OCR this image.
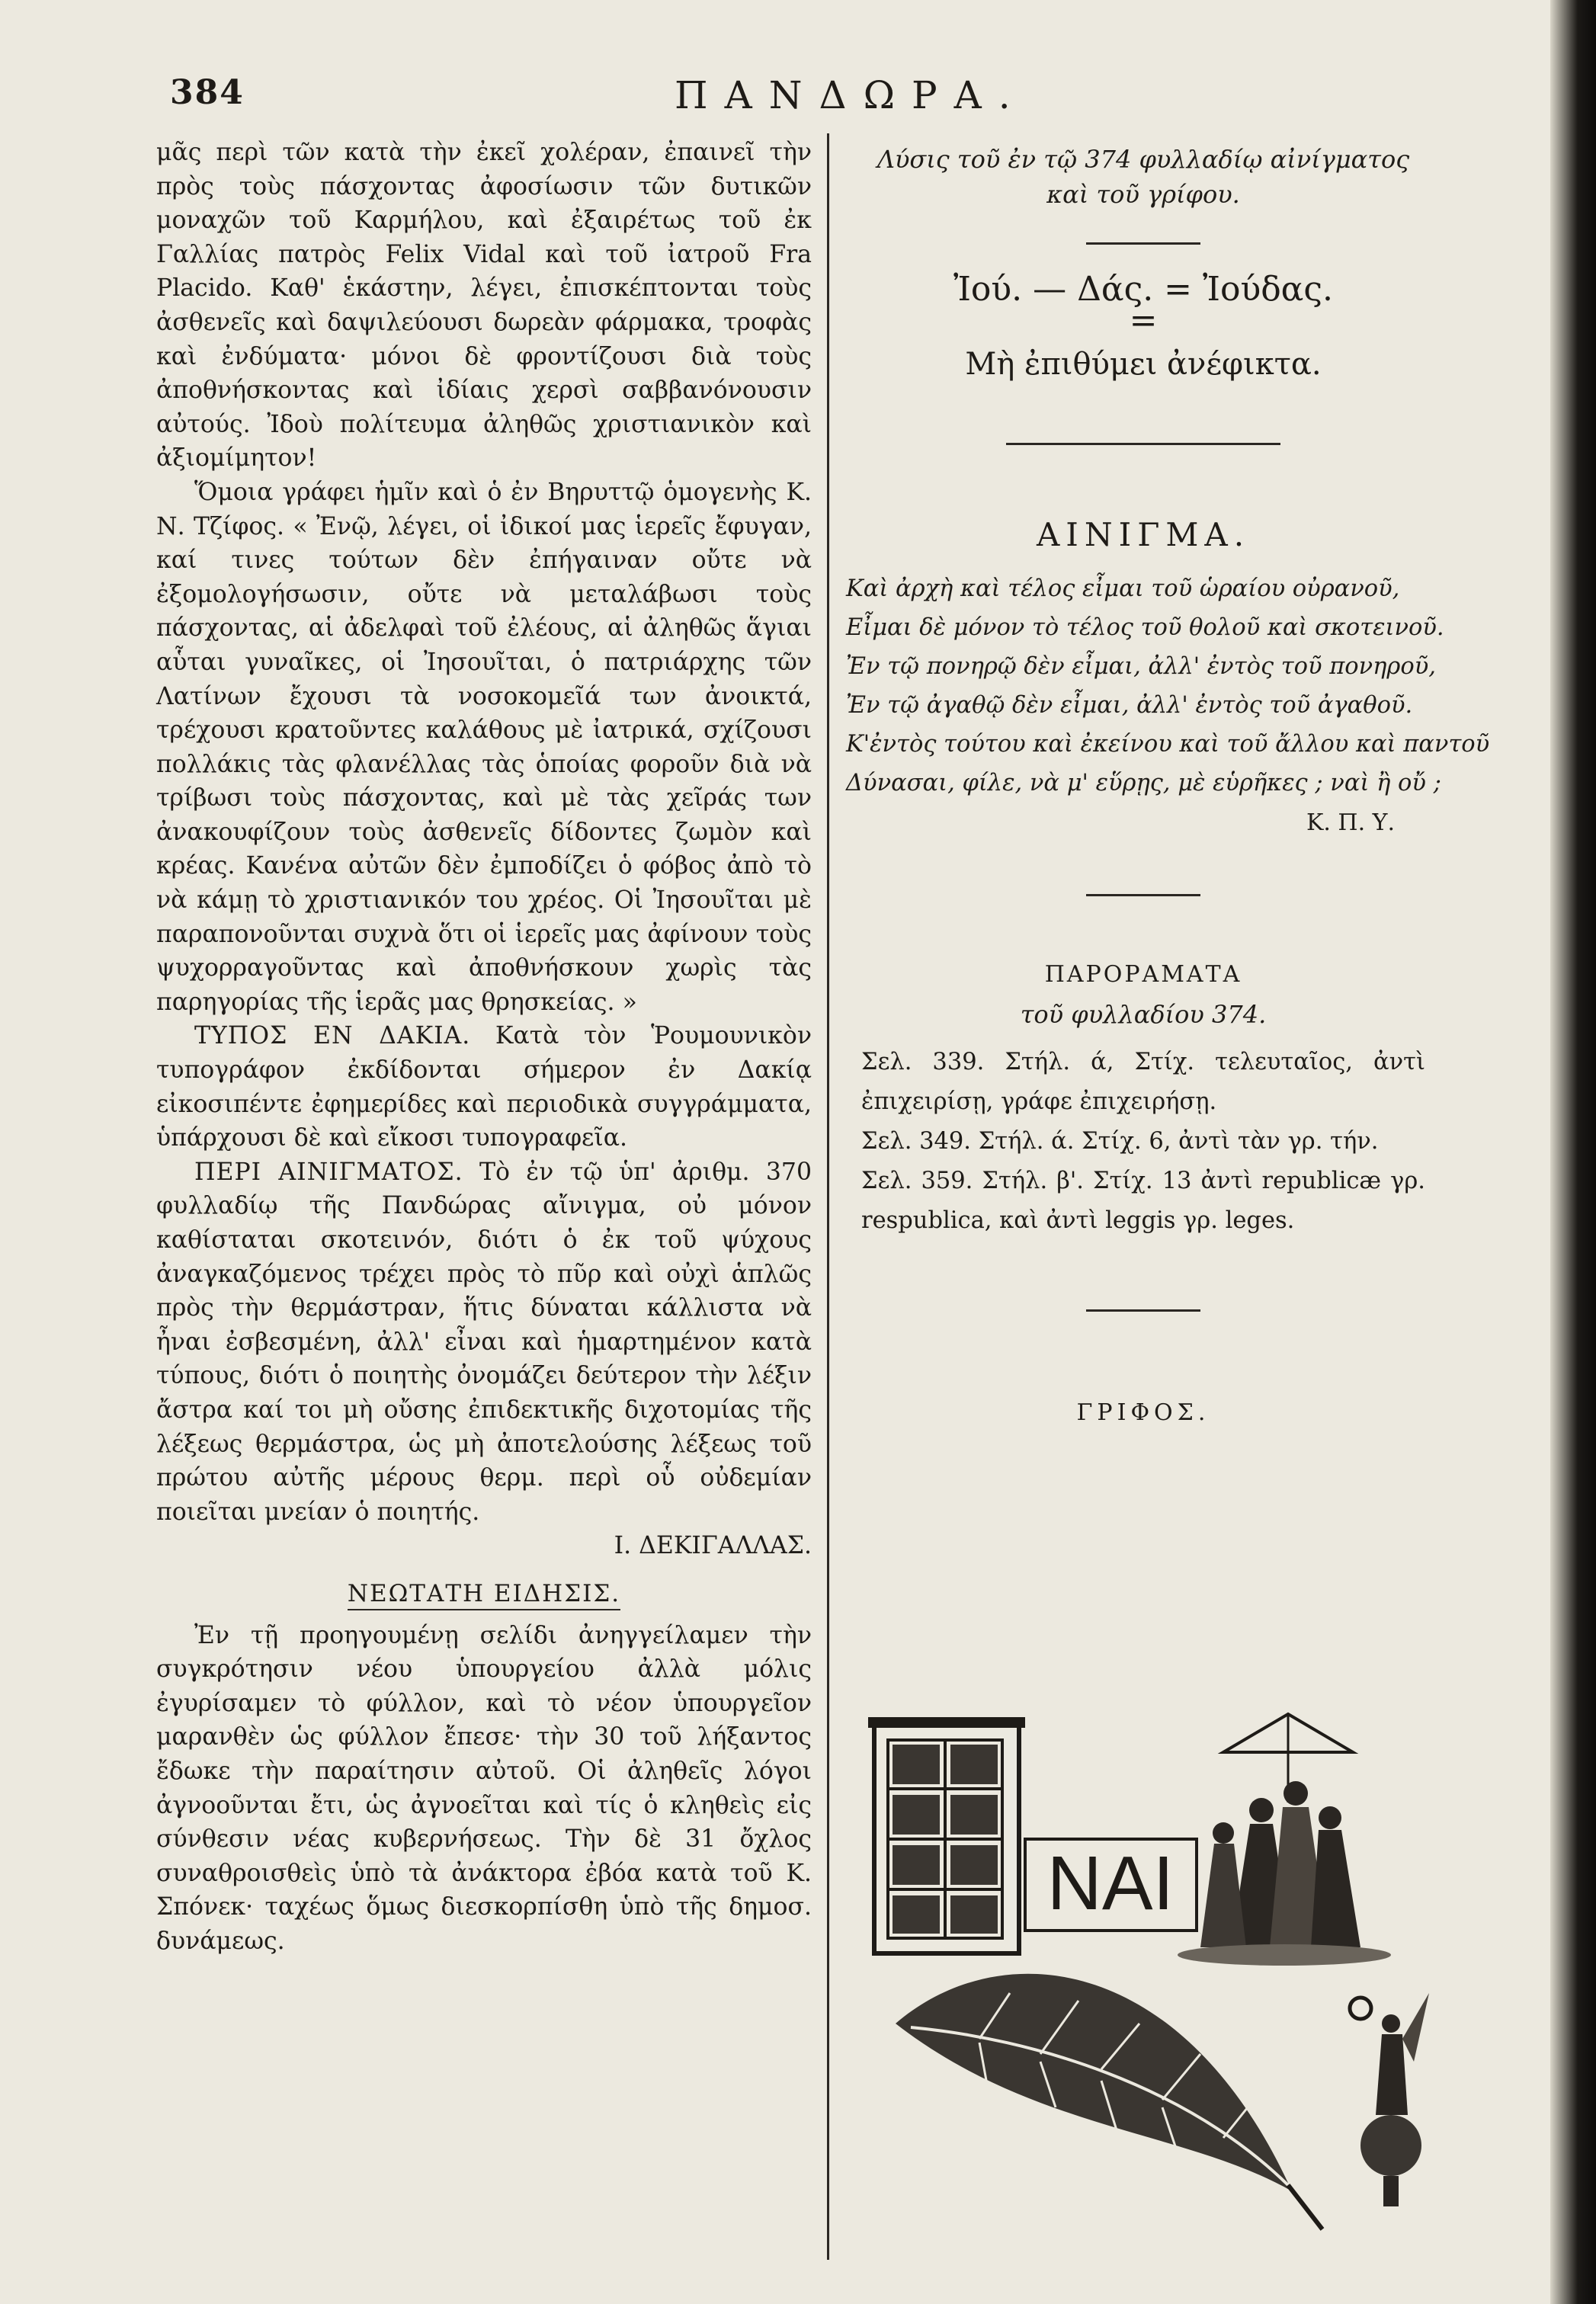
384	ΠΑΝΔΩΡΑ.

μᾶς περὶ τῶν κατὰ τὴν ἐκεῖ χολέραν, ἐπαινεῖ τὴν πρὸς τοὺς πάσχοντας ἀφοσίωσιν τῶν δυτικῶν μοναχῶν τοῦ Καρμήλου, καὶ ἐξαιρέτως τοῦ ἐκ Γαλλίας πατρὸς Felix Vidal καὶ τοῦ ἰατροῦ Fra Placido. Καθ' ἑκάστην, λέγει, ἐπισκέπτονται τοὺς ἀσθενεῖς καὶ δαψιλεύουσι δωρεὰν φάρμακα, τροφὰς καὶ ἐνδύματα· μόνοι δὲ φροντίζουσι διὰ τοὺς ἀποθνήσκοντας καὶ ἰδίαις χερσὶ σαββανόνουσιν αὐτούς. Ἰδοὺ πολίτευμα ἀληθῶς χριστιανικὸν καὶ ἀξιομίμητον!

Ὅμοια γράφει ἡμῖν καὶ ὁ ἐν Βηρυττῷ ὁμογενὴς Κ. Ν. Τζίφος. « Ἐνῷ, λέγει, οἱ ἰδικοί μας ἱερεῖς ἔφυγαν, καί τινες τούτων δὲν ἐπήγαιναν οὔτε νὰ ἐξομολογήσωσιν, οὔτε νὰ μεταλάβωσι τοὺς πάσχοντας, αἱ ἀδελφαὶ τοῦ ἐλέους, αἱ ἀληθῶς ἅγιαι αὗται γυναῖκες, οἱ Ἰησουῖται, ὁ πατριάρχης τῶν Λατίνων ἔχουσι τὰ νοσοκομεῖά των ἀνοικτά, τρέχουσι κρατοῦντες καλάθους μὲ ἰατρικά, σχίζουσι πολλάκις τὰς φλανέλλας τὰς ὁποίας φοροῦν διὰ νὰ τρίβωσι τοὺς πάσχοντας, καὶ μὲ τὰς χεῖράς των ἀνακουφίζουν τοὺς ἀσθενεῖς δίδοντες ζωμὸν καὶ κρέας. Κανένα αὐτῶν δὲν ἐμποδίζει ὁ φόβος ἀπὸ τὸ νὰ κάμῃ τὸ χριστιανικόν του χρέος. Οἱ Ἰησουῖται μὲ παραπονοῦνται συχνὰ ὅτι οἱ ἱερεῖς μας ἀφίνουν τοὺς ψυχορραγοῦντας καὶ ἀποθνήσκουν χωρὶς τὰς παρηγορίας τῆς ἱερᾶς μας θρησκείας. »

ΤΥΠΟΣ ΕΝ ΔΑΚΙΑ. Κατὰ τὸν Ῥουμουνικὸν τυπογράφον ἐκδίδονται σήμερον ἐν Δακίᾳ εἰκοσιπέντε ἐφημερίδες καὶ περιοδικὰ συγγράμματα, ὑπάρχουσι δὲ καὶ εἴκοσι τυπογραφεῖα.

ΠΕΡΙ ΑΙΝΙΓΜΑΤΟΣ. Τὸ ἐν τῷ ὑπ' ἀριθμ. 370 φυλλαδίῳ τῆς Πανδώρας αἴνιγμα, οὐ μόνον καθίσταται σκοτεινόν, διότι ὁ ἐκ τοῦ ψύχους ἀναγκαζόμενος τρέχει πρὸς τὸ πῦρ καὶ οὐχὶ ἁπλῶς πρὸς τὴν θερμάστραν, ἥτις δύναται κάλλιστα νὰ ἦναι ἐσβεσμένη, ἀλλ' εἶναι καὶ ἡμαρτημένον κατὰ τύπους, διότι ὁ ποιητὴς ὀνομάζει δεύτερον τὴν λέξιν ἄστρα καί τοι μὴ οὔσης ἐπιδεκτικῆς διχοτομίας τῆς λέξεως θερμάστρα, ὡς μὴ ἀποτελούσης λέξεως τοῦ πρώτου αὐτῆς μέρους θερμ. περὶ οὗ οὐδεμίαν ποιεῖται μνείαν ὁ ποιητής.

Ι. ΔΕΚΙΓΑΛΛΑΣ.

ΝΕΩΤΑΤΗ ΕΙΔΗΣΙΣ.

Ἐν τῇ προηγουμένῃ σελίδι ἀνηγγείλαμεν τὴν συγκρότησιν νέου ὑπουργείου ἀλλὰ μόλις ἐγυρίσαμεν τὸ φύλλον, καὶ τὸ νέον ὑπουργεῖον μαρανθὲν ὡς φύλλον ἔπεσε· τὴν 30 τοῦ λήξαντος ἔδωκε τὴν παραίτησιν αὐτοῦ. Οἱ ἀληθεῖς λόγοι ἀγνοοῦνται ἔτι, ὡς ἀγνοεῖται καὶ τίς ὁ κληθεὶς εἰς σύνθεσιν νέας κυβερνήσεως. Τὴν δὲ 31 ὄχλος συναθροισθεὶς ὑπὸ τὰ ἀνάκτορα ἐβόα κατὰ τοῦ Κ. Σπόνεκ· ταχέως ὅμως διεσκορπίσθη ὑπὸ τῆς δημοσ. δυνάμεως.

Λύσις τοῦ ἐν τῷ 374 φυλλαδίῳ αἰνίγματος
καὶ τοῦ γρίφου.
Ἰού. — Δάς. = Ἰούδας.
=
Μὴ ἐπιθύμει ἀνέφικτα.
ΑΙΝΙΓΜΑ.

Καὶ ἀρχὴ καὶ τέλος εἶμαι τοῦ ὡραίου οὐρανοῦ,

Εἶμαι δὲ μόνον τὸ τέλος τοῦ θολοῦ καὶ σκοτεινοῦ.

Ἐν τῷ πονηρῷ δὲν εἶμαι, ἀλλ' ἐντὸς τοῦ πονηροῦ,

Ἐν τῷ ἀγαθῷ δὲν εἶμαι, ἀλλ' ἐντὸς τοῦ ἀγαθοῦ.

Κ'ἐντὸς τούτου καὶ ἐκείνου καὶ τοῦ ἄλλου καὶ παντοῦ

Δύνασαι, φίλε, νὰ μ' εὕρῃς, μὲ εὑρῆκες ; ναὶ ἢ οὔ ;

Κ. Π. Υ.
ΠΑΡΟΡΑΜΑΤΑ
τοῦ φυλλαδίου 374.

Σελ. 339. Στήλ. ά, Στίχ. τελευταῖος, ἀντὶ ἐπιχειρίσῃ, γράφε ἐπιχειρήσῃ.

Σελ. 349. Στήλ. ά. Στίχ. 6, ἀντὶ τὰν γρ. τήν.

Σελ. 359. Στήλ. β'. Στίχ. 13 ἀντὶ republicæ γρ. respublica, καὶ ἀντὶ leggis γρ. leges.

ΓΡΙΦΟΣ.
ΝΑΙ
